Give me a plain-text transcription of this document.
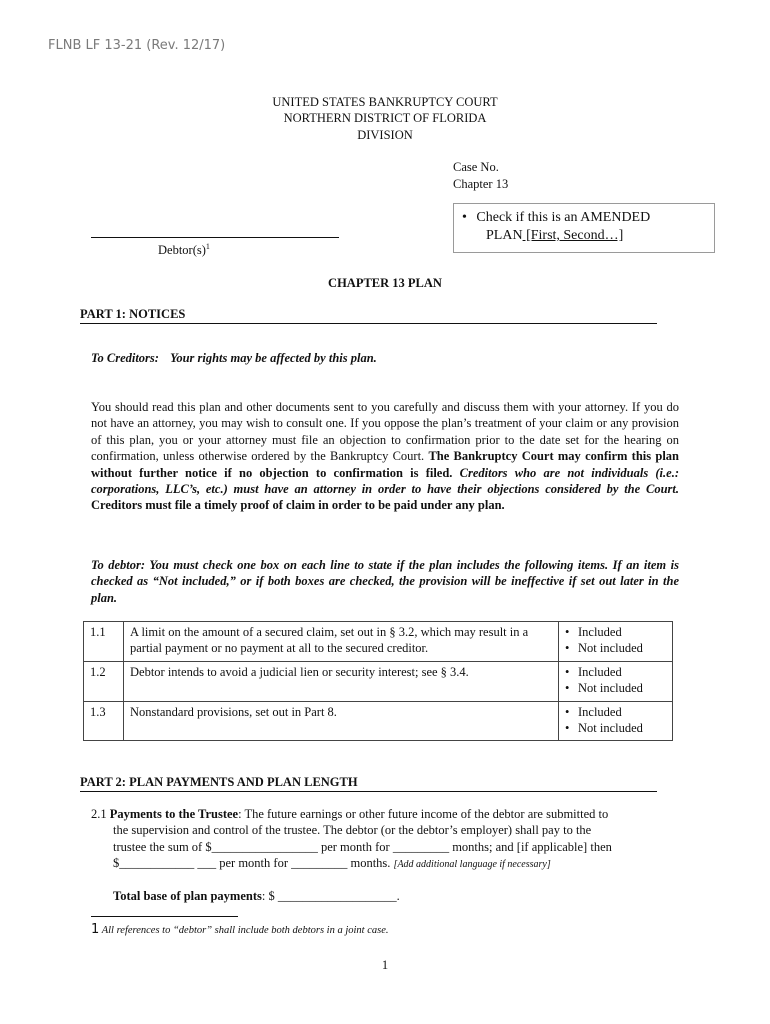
FLNB LF 13-21 (Rev. 12/17)
UNITED STATES BANKRUPTCY COURT
NORTHERN DISTRICT OF FLORIDA
DIVISION
Case No.
Chapter 13
• Check if this is an AMENDED
PLAN [First, Second…]
$Debtor(s)^1$
CHAPTER 13 PLAN
PART 1: NOTICES
To Creditors: Your rights may be affected by this plan.
You should read this plan and other documents sent to you carefully and discuss them with your attorney. If you do not have an attorney, you may wish to consult one. If you oppose the plan’s treatment of your claim or any provision of this plan, you or your attorney must file an objection to confirmation prior to the date set for the hearing on confirmation, unless otherwise ordered by the Bankruptcy Court. The Bankruptcy Court may confirm this plan without further notice if no objection to confirmation is filed. Creditors who are not individuals (i.e.: corporations, LLC’s, etc.) must have an attorney in order to have their objections considered by the Court. Creditors must file a timely proof of claim in order to be paid under any plan.
To debtor: You must check one box on each line to state if the plan includes the following items. If an item is checked as “Not included,” or if both boxes are checked, the provision will be ineffective if set out later in the plan.
1.1	A limit on the amount of a secured claim, set out in § 3.2, which may result in a partial payment or no payment at all to the secured creditor.	• Included
• Not included

1.2	Debtor intends to avoid a judicial lien or security interest; see § 3.4.	• Included
• Not included

1.3	Nonstandard provisions, set out in Part 8.	• Included
• Not included
PART 2: PLAN PAYMENTS AND PLAN LENGTH
2.1 Payments to the Trustee: The future earnings or other future income of the debtor are submitted to
the supervision and control of the trustee. The debtor (or the debtor’s employer) shall pay to the
trustee the sum of $_________________ per month for _________ months; and [if applicable] then
$____________ ___ per month for _________ months. [Add additional language if necessary]
Total base of plan payments: $ ___________________.
1 All references to “debtor” shall include both debtors in a joint case.
1
